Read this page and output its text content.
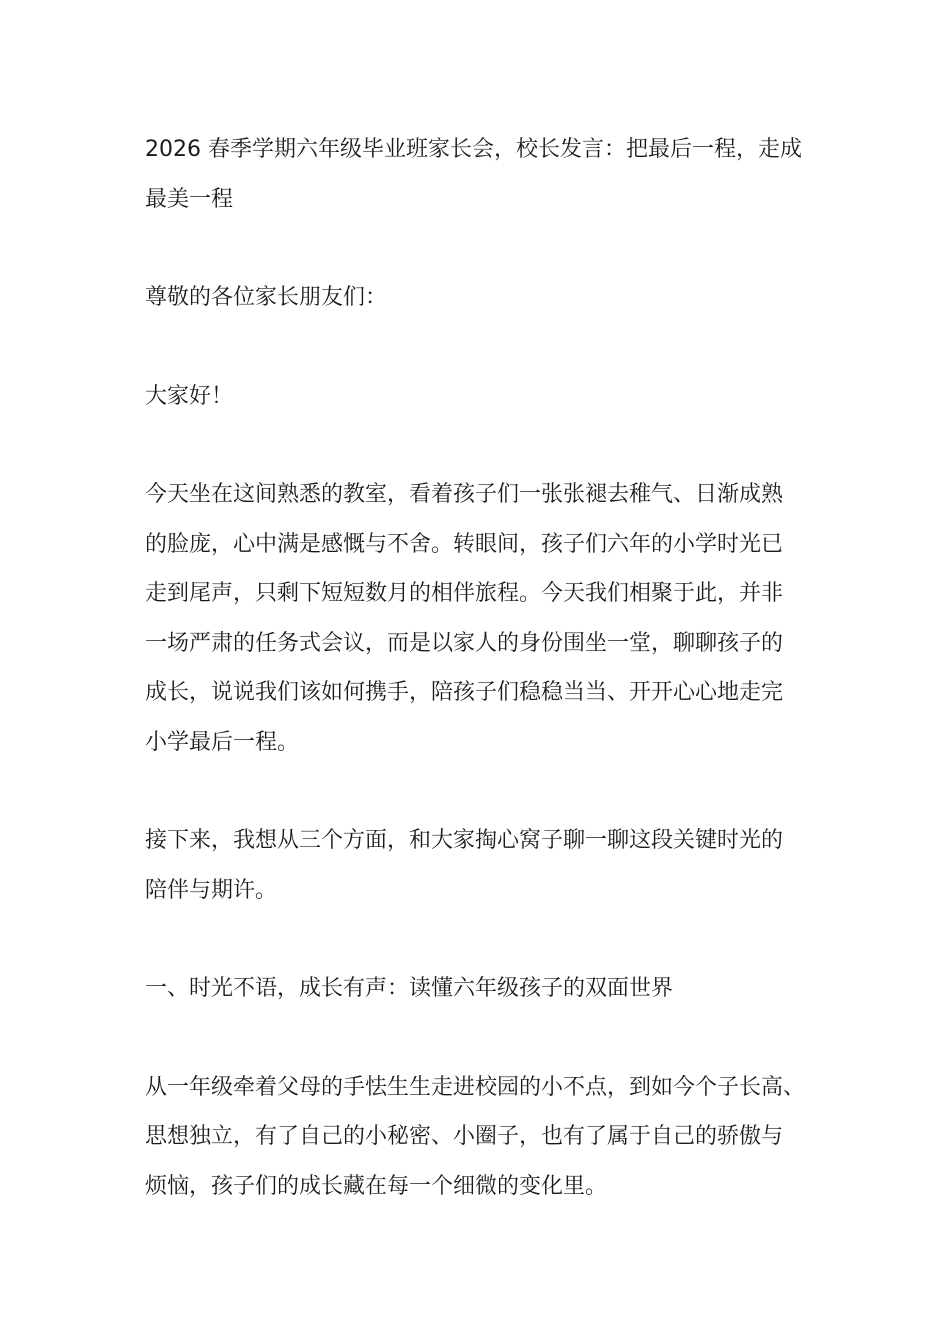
2026 春季学期六年级毕业班家长会，校长发言：把最后一程，走成
最美一程

尊敬的各位家长朋友们：

大家好！

今天坐在这间熟悉的教室，看着孩子们一张张褪去稚气、日渐成熟
的脸庞，心中满是感慨与不舍。转眼间，孩子们六年的小学时光已
走到尾声，只剩下短短数月的相伴旅程。今天我们相聚于此，并非
一场严肃的任务式会议，而是以家人的身份围坐一堂，聊聊孩子的
成长，说说我们该如何携手，陪孩子们稳稳当当、开开心心地走完
小学最后一程。

接下来，我想从三个方面，和大家掏心窝子聊一聊这段关键时光的
陪伴与期许。

一、时光不语，成长有声：读懂六年级孩子的双面世界

从一年级牵着父母的手怯生生走进校园的小不点，到如今个子长高、
思想独立，有了自己的小秘密、小圈子，也有了属于自己的骄傲与
烦恼，孩子们的成长藏在每一个细微的变化里。
